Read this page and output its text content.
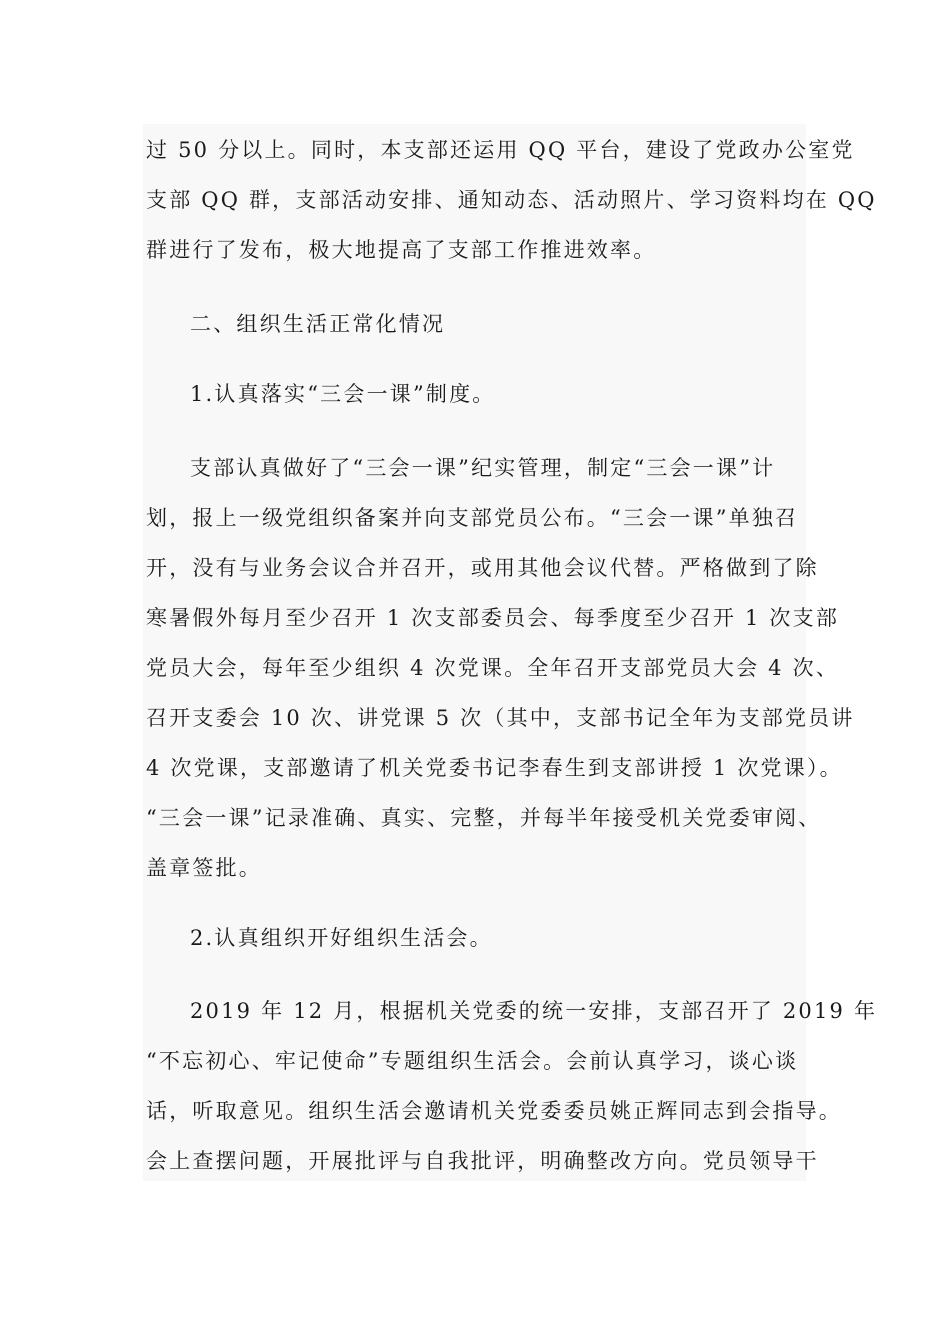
过 50 分以上。同时，本支部还运用 QQ 平台，建设了党政办公室党
支部 QQ 群，支部活动安排、通知动态、活动照片、学习资料均在 QQ
群进行了发布，极大地提高了支部工作推进效率。
二、组织生活正常化情况
1.认真落实“三会一课”制度。
支部认真做好了“三会一课”纪实管理，制定“三会一课”计
划，报上一级党组织备案并向支部党员公布。“三会一课”单独召
开，没有与业务会议合并召开，或用其他会议代替。严格做到了除
寒暑假外每月至少召开 1 次支部委员会、每季度至少召开 1 次支部
党员大会，每年至少组织 4 次党课。全年召开支部党员大会 4 次、
召开支委会 10 次、讲党课 5 次（其中，支部书记全年为支部党员讲
4 次党课，支部邀请了机关党委书记李春生到支部讲授 1 次党课）。
“三会一课”记录准确、真实、完整，并每半年接受机关党委审阅、
盖章签批。
2.认真组织开好组织生活会。
2019 年 12 月，根据机关党委的统一安排，支部召开了 2019 年
“不忘初心、牢记使命”专题组织生活会。会前认真学习，谈心谈
话，听取意见。组织生活会邀请机关党委委员姚正辉同志到会指导。
会上查摆问题，开展批评与自我批评，明确整改方向。党员领导干
